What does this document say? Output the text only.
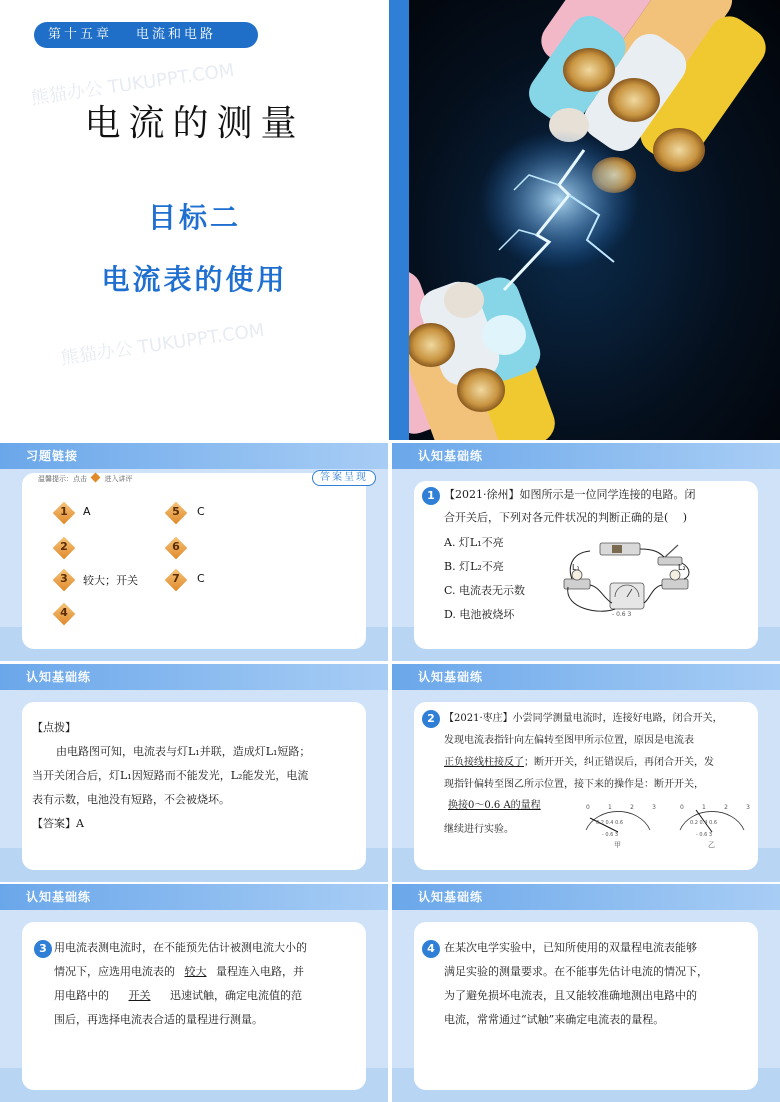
第十五章 电流和电路
电流的测量
目标二
电流表的使用
熊猫办公 TUKUPPT.COM
熊猫办公 TUKUPPT.COM
习题链接
温馨提示：点击 进入讲评	答案呈现
1	A
2
3	较大；开关
4
5	C
6
7	C
认知基础练
1 【2021·徐州】如图所示是一位同学连接的电路。闭
合开关后，下列对各元件状况的判断正确的是(　 )
A. 灯L₁不亮
B. 灯L₂不亮
C. 电流表无示数
D. 电池被烧坏
L₁	L₂
- 0.6 3
认知基础练
【点拨】
由电路图可知，电流表与灯L₁并联，造成灯L₁短路；
当开关闭合后，灯L₁因短路而不能发光，L₂能发光，电流
表有示数，电池没有短路，不会被烧坏。
【答案】A
认知基础练
2 【2021·枣庄】小尝同学测量电流时，连接好电路，闭合开关，
发现电流表指针向左偏转至图甲所示位置，原因是电流表
正负接线柱接反了；断开开关，纠正错误后，再闭合开关，发
现指针偏转至图乙所示位置，接下来的操作是：断开开关，
换接0～0.6 A的量程
继续进行实验。
0	1	2	3
0.2 0.4 0.6
- 0.6 3
甲
0	1	2	3
0.2 0.4 0.6
- 0.6 3
乙
认知基础练
3 用电流表测电流时，在不能预先估计被测电流大小的
情况下，应选用电流表的 较大 量程连入电路，并
用电路中的 开关 迅速试触，确定电流值的范
围后，再选择电流表合适的量程进行测量。
认知基础练
4 在某次电学实验中，已知所使用的双量程电流表能够
满足实验的测量要求。在不能事先估计电流的情况下，
为了避免损坏电流表，且又能较准确地测出电路中的
电流，常常通过“试触”来确定电流表的量程。
